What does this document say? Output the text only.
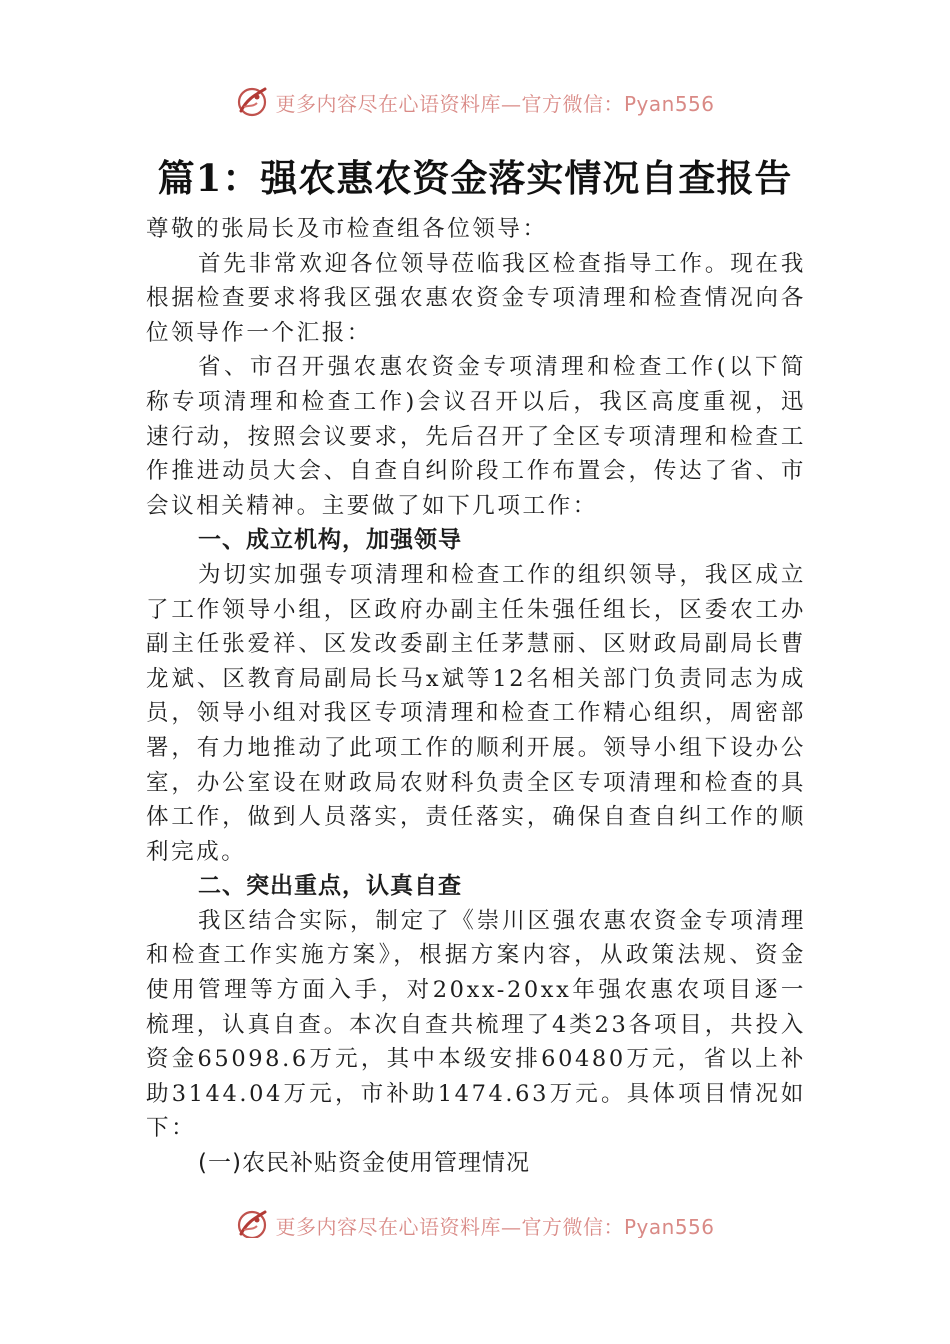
更多内容尽在心语资料库—官方微信：Pyan556
篇1：强农惠农资金落实情况自查报告

尊敬的张局长及市检查组各位领导：

首先非常欢迎各位领导莅临我区检查指导工作。现在我根据检查要求将我区强农惠农资金专项清理和检查情况向各位领导作一个汇报：

省、市召开强农惠农资金专项清理和检查工作(以下简称专项清理和检查工作)会议召开以后，我区高度重视，迅速行动，按照会议要求，先后召开了全区专项清理和检查工作推进动员大会、自查自纠阶段工作布置会，传达了省、市会议相关精神。主要做了如下几项工作：

一、成立机构，加强领导

为切实加强专项清理和检查工作的组织领导，我区成立了工作领导小组，区政府办副主任朱强任组长，区委农工办副主任张爱祥、区发改委副主任茅慧丽、区财政局副局长曹龙斌、区教育局副局长马x斌等12名相关部门负责同志为成员，领导小组对我区专项清理和检查工作精心组织，周密部署，有力地推动了此项工作的顺利开展。领导小组下设办公室，办公室设在财政局农财科负责全区专项清理和检查的具体工作，做到人员落实，责任落实，确保自查自纠工作的顺利完成。

二、突出重点，认真自查

我区结合实际，制定了《崇川区强农惠农资金专项清理和检查工作实施方案》，根据方案内容，从政策法规、资金使用管理等方面入手，对20xx-20xx年强农惠农项目逐一梳理，认真自查。本次自查共梳理了4类23各项目，共投入资金65098.6万元，其中本级安排60480万元，省以上补助3144.04万元，市补助1474.63万元。具体项目情况如下：

(一)农民补贴资金使用管理情况

更多内容尽在心语资料库—官方微信：Pyan556
